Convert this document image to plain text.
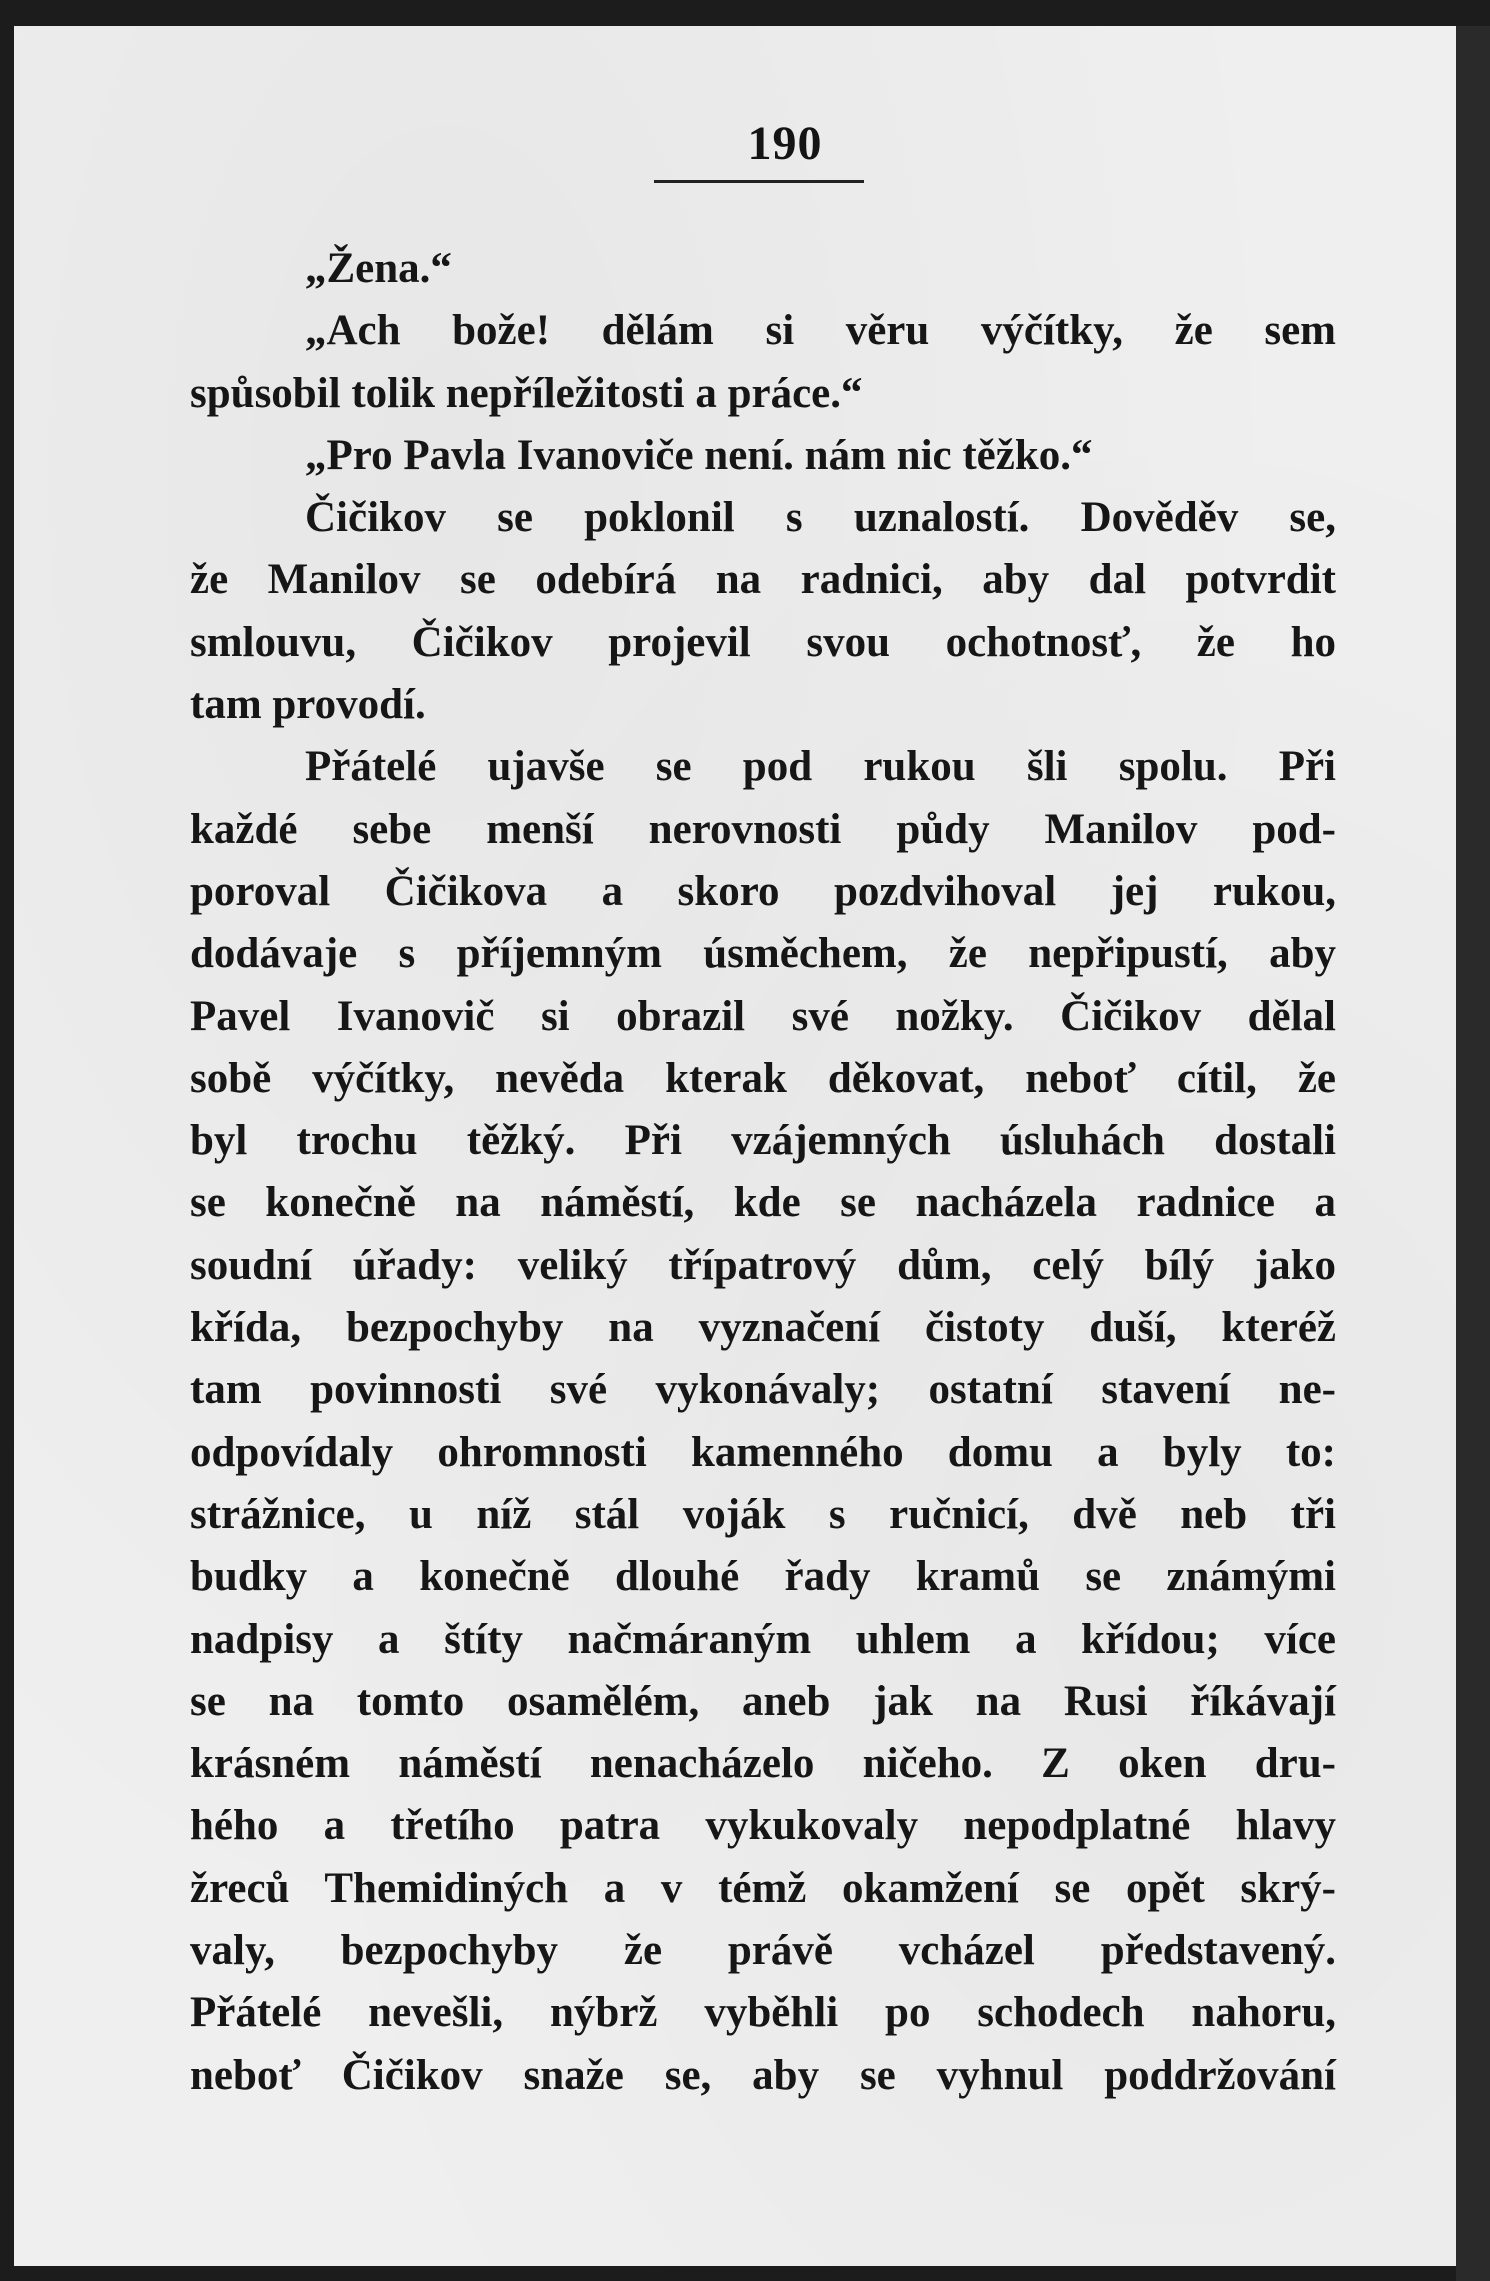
190
„Žena.“
„Ach bože! dělám si věru výčítky, že sem
spůsobil tolik nepříležitosti a práce.“
„Pro Pavla Ivanoviče není. nám nic těžko.“
Čičikov se poklonil s uznalostí. Dověděv se,
že Manilov se odebírá na radnici, aby dal potvrdit
smlouvu, Čičikov projevil svou ochotnosť, že ho
tam provodí.
Přátelé ujavše se pod rukou šli spolu. Při
každé sebe menší nerovnosti půdy Manilov pod-
poroval Čičikova a skoro pozdvihoval jej rukou,
dodávaje s příjemným úsměchem, že nepřipustí, aby
Pavel Ivanovič si obrazil své nožky. Čičikov dělal
sobě výčítky, nevěda kterak děkovat, neboť cítil, že
byl trochu těžký. Při vzájemných úsluhách dostali
se konečně na náměstí, kde se nacházela radnice a
soudní úřady: veliký třípatrový dům, celý bílý jako
křída, bezpochyby na vyznačení čistoty duší, kteréž
tam povinnosti své vykonávaly; ostatní stavení ne-
odpovídaly ohromnosti kamenného domu a byly to:
strážnice, u níž stál voják s ručnicí, dvě neb tři
budky a konečně dlouhé řady kramů se známými
nadpisy a štíty načmáraným uhlem a křídou; více
se na tomto osamělém, aneb jak na Rusi říkávají
krásném náměstí nenacházelo ničeho. Z oken dru-
hého a třetího patra vykukovaly nepodplatné hlavy
žreců Themidiných a v témž okamžení se opět skrý-
valy, bezpochyby že právě vcházel představený.
Přátelé nevešli, nýbrž vyběhli po schodech nahoru,
neboť Čičikov snaže se, aby se vyhnul poddržování
